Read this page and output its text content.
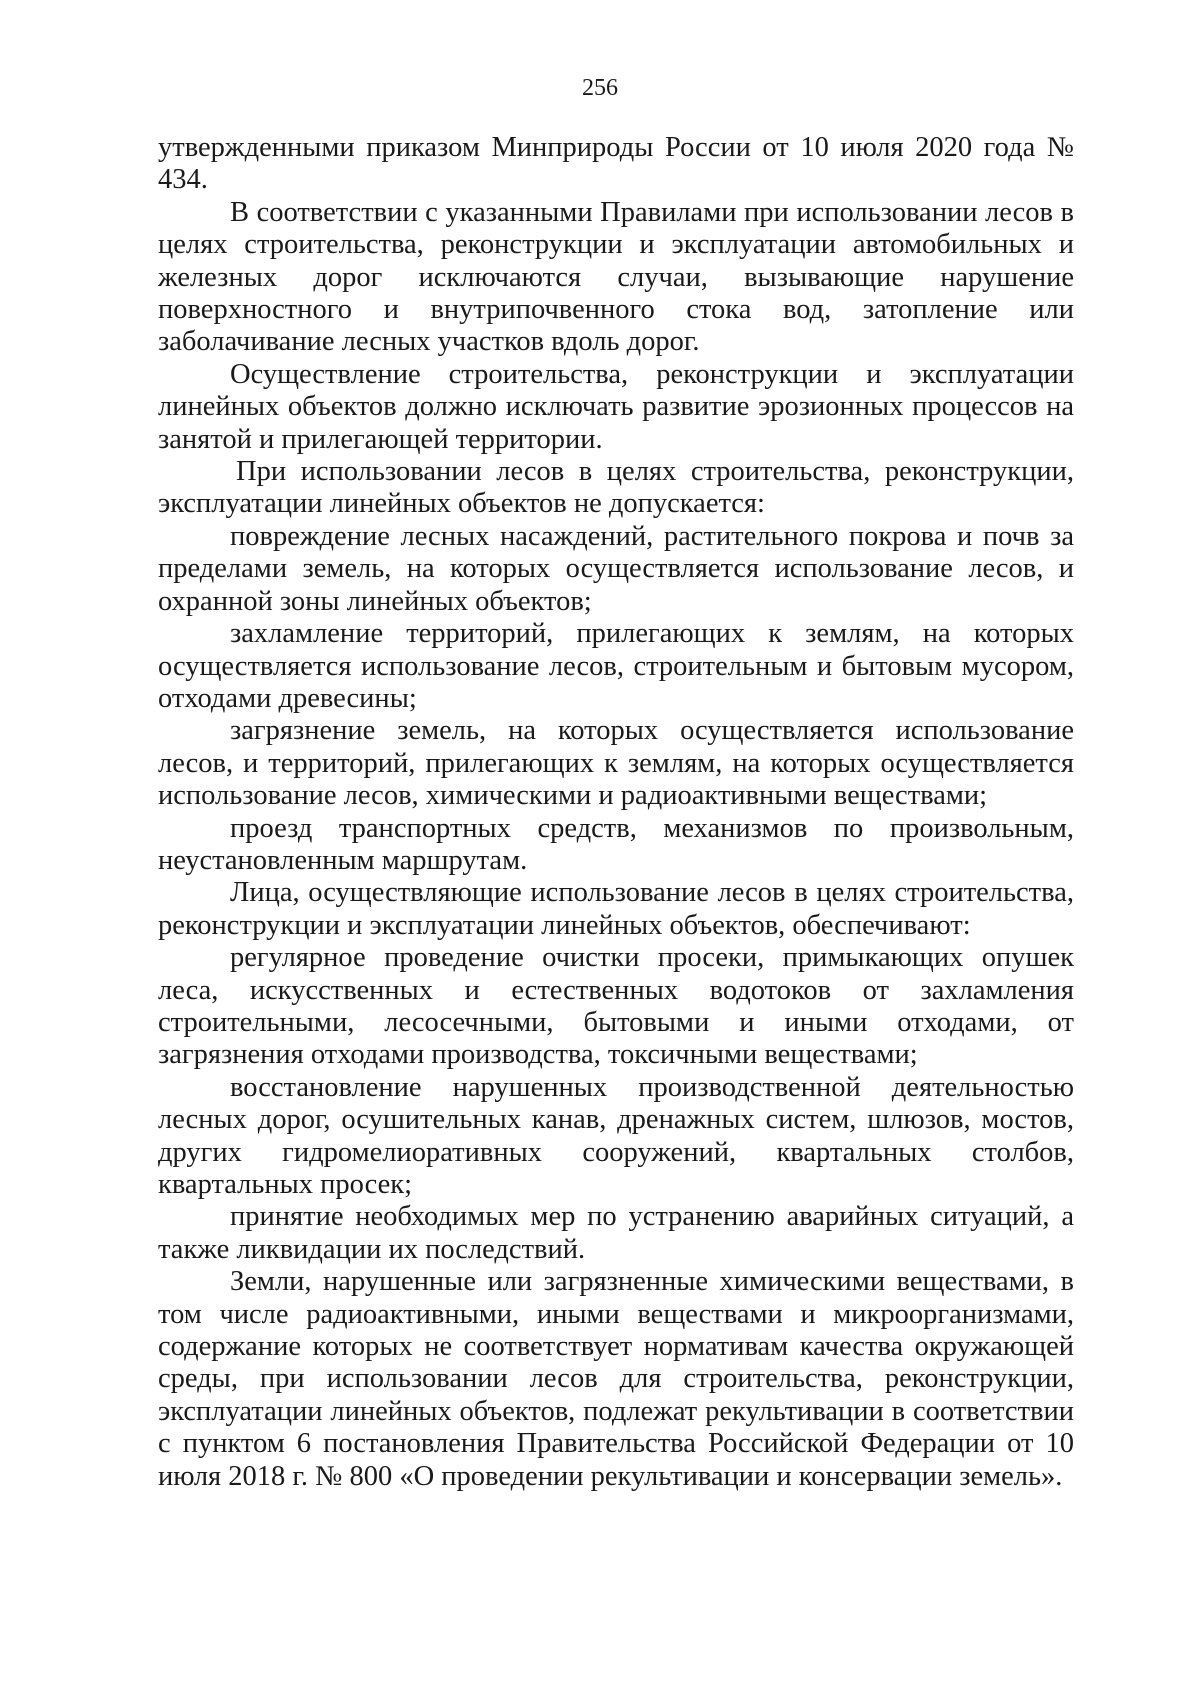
256

утвержденными приказом Минприроды России от 10 июля 2020 года № 434.

В соответствии с указанными Правилами при использовании лесов в целях строительства, реконструкции и эксплуатации автомобильных и железных дорог исключаются случаи, вызывающие нарушение поверхностного и внутрипочвенного стока вод, затопление или заболачивание лесных участков вдоль дорог.

Осуществление строительства, реконструкции и эксплуатации линейных объектов должно исключать развитие эрозионных процессов на занятой и прилегающей территории.

При использовании лесов в целях строительства, реконструкции, эксплуатации линейных объектов не допускается:

повреждение лесных насаждений, растительного покрова и почв за пределами земель, на которых осуществляется использование лесов, и охранной зоны линейных объектов;

захламление территорий, прилегающих к землям, на которых осуществляется использование лесов, строительным и бытовым мусором, отходами древесины;

загрязнение земель, на которых осуществляется использование лесов, и территорий, прилегающих к землям, на которых осуществляется использование лесов, химическими и радиоактивными веществами;

проезд транспортных средств, механизмов по произвольным, неустановленным маршрутам.

Лица, осуществляющие использование лесов в целях строительства, реконструкции и эксплуатации линейных объектов, обеспечивают:

регулярное проведение очистки просеки, примыкающих опушек леса, искусственных и естественных водотоков от захламления строительными, лесосечными, бытовыми и иными отходами, от загрязнения отходами производства, токсичными веществами;

восстановление нарушенных производственной деятельностью лесных дорог, осушительных канав, дренажных систем, шлюзов, мостов, других гидромелиоративных сооружений, квартальных столбов, квартальных просек;

принятие необходимых мер по устранению аварийных ситуаций, а также ликвидации их последствий.

Земли, нарушенные или загрязненные химическими веществами, в том числе радиоактивными, иными веществами и микроорганизмами, содержание которых не соответствует нормативам качества окружающей среды, при использовании лесов для строительства, реконструкции, эксплуатации линейных объектов, подлежат рекультивации в соответствии с пунктом 6 постановления Правительства Российской Федерации от 10 июля 2018 г. № 800 «О проведении рекультивации и консервации земель».
